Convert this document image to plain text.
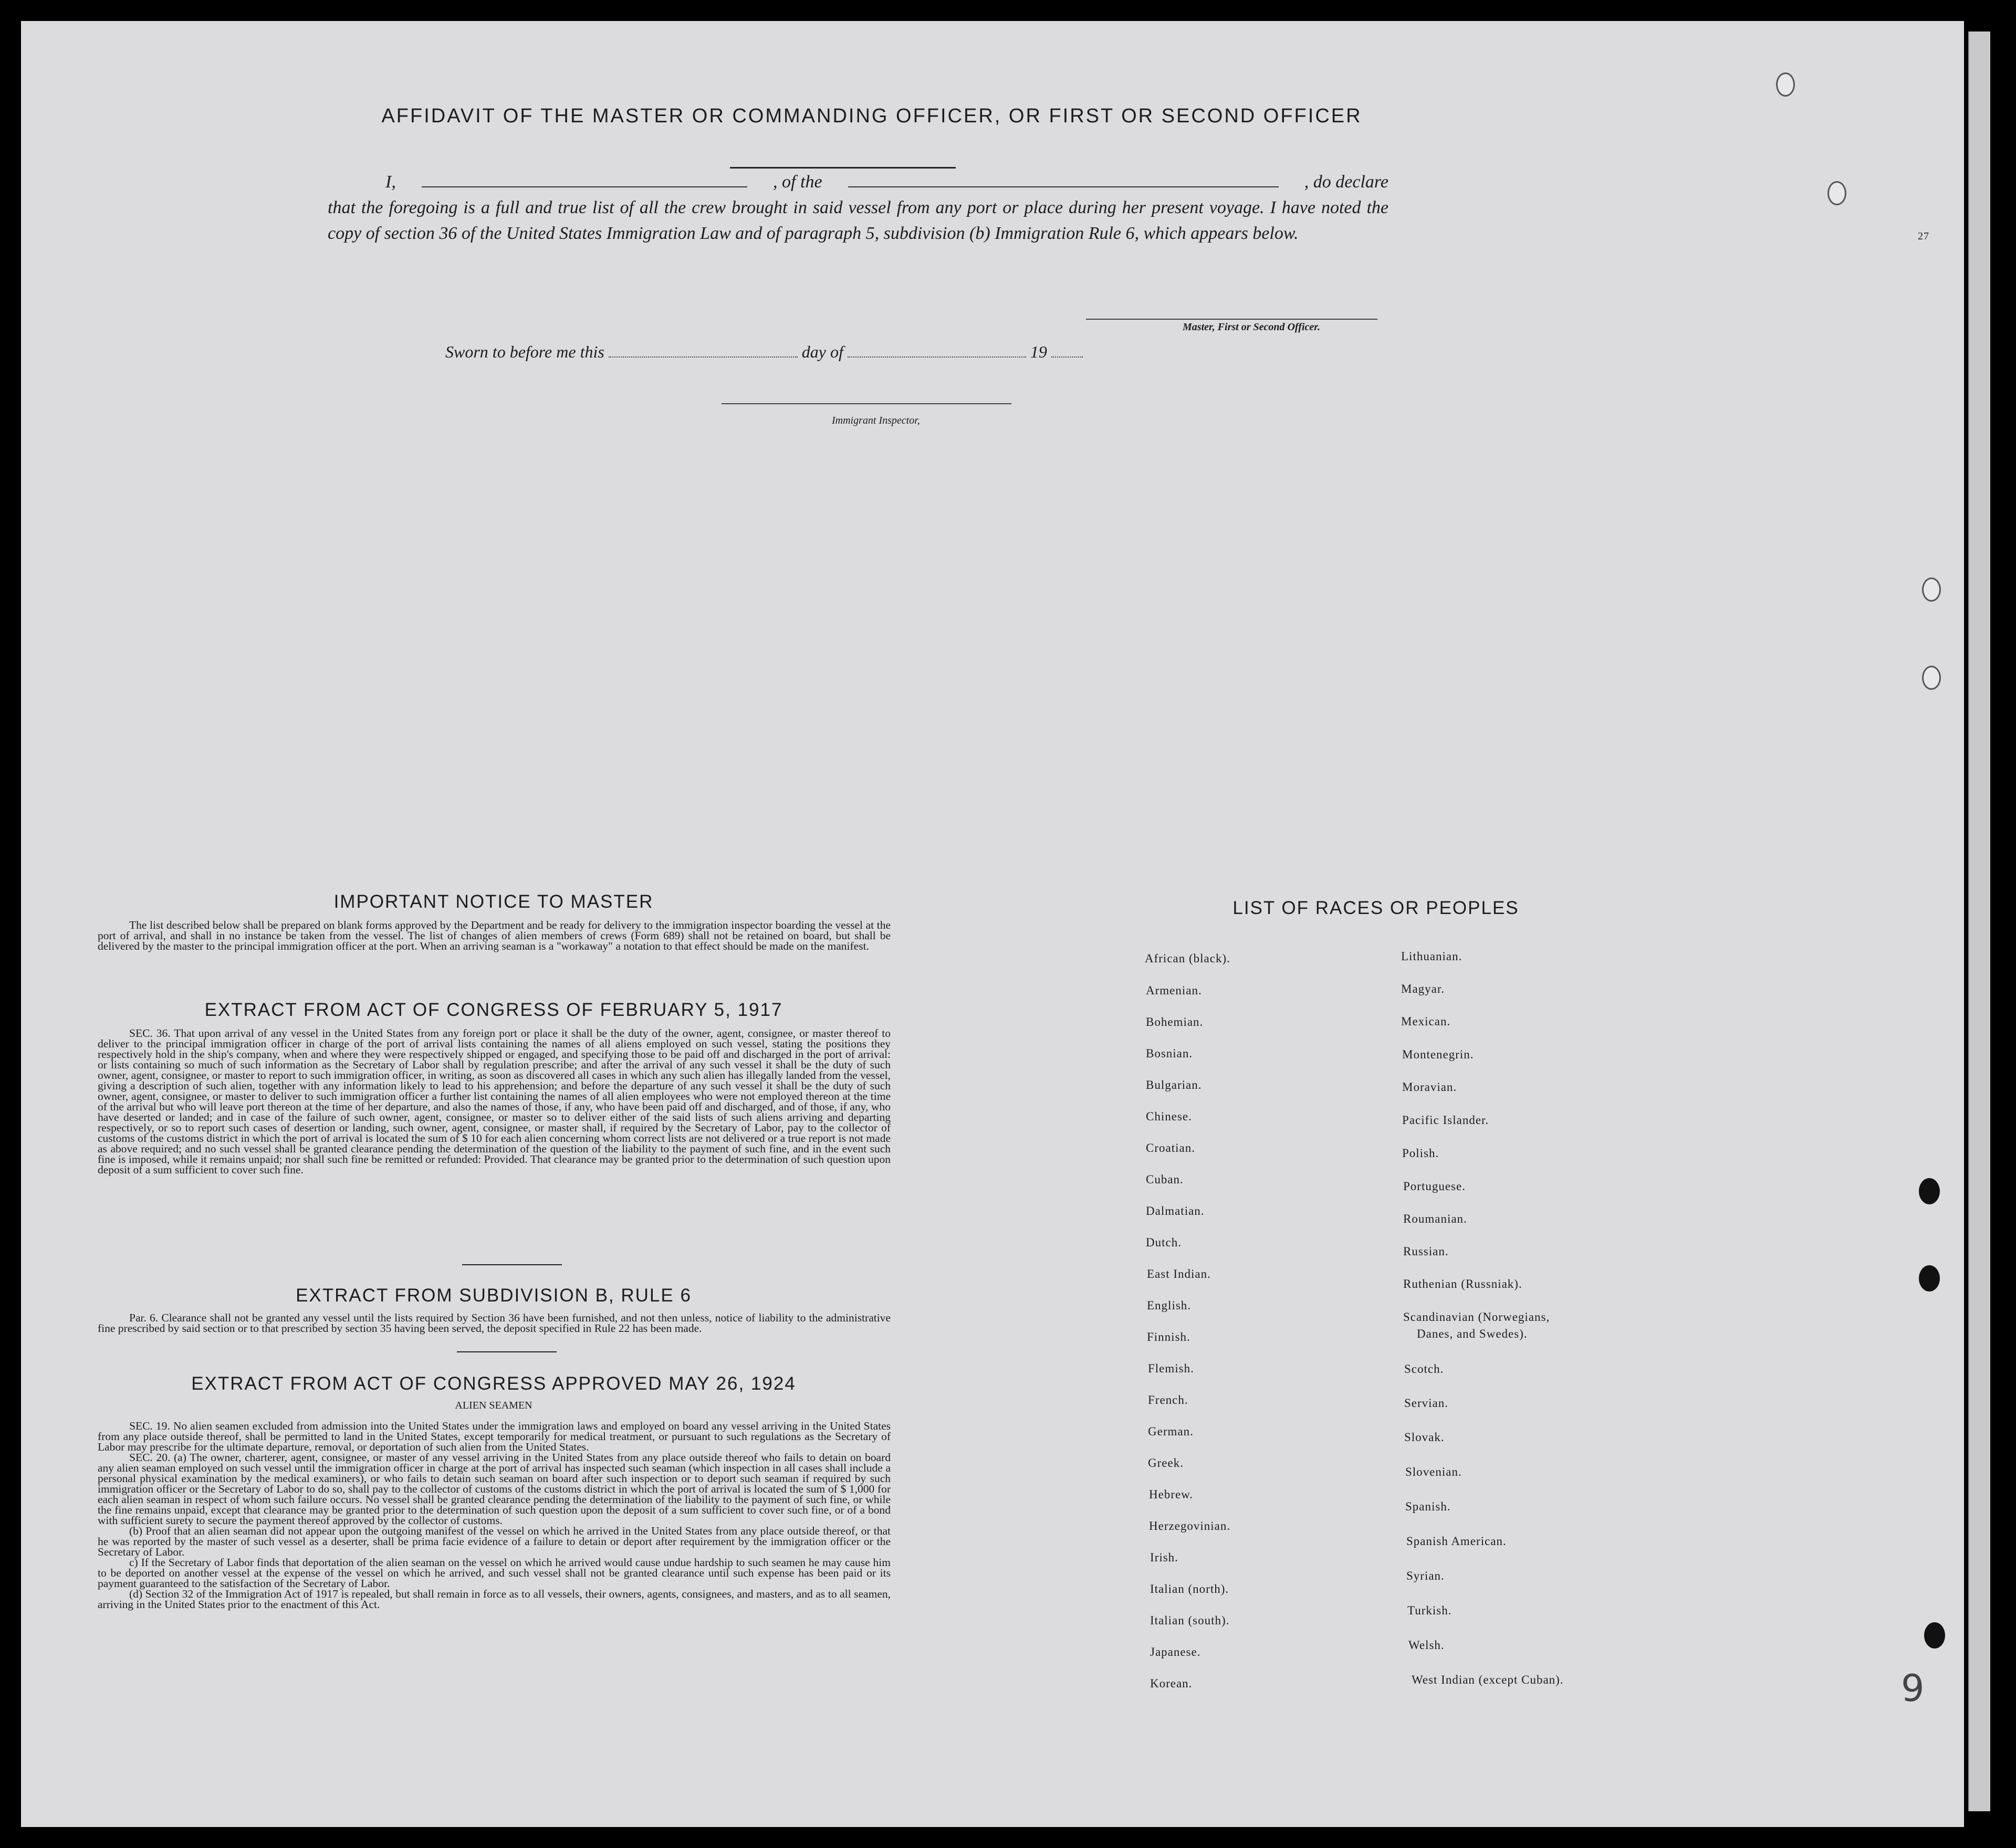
AFFIDAVIT OF THE MASTER OR COMMANDING OFFICER, OR FIRST OR SECOND OFFICER
I,	, of the	, do declare
that the foregoing is a full and true list of all the crew brought in said vessel from any port or place during her present voyage. I have noted the copy of section 36 of the United States Immigration Law and of paragraph 5, subdivision (b) Immigration Rule 6, which appears below.
Master, First or Second Officer.
Sworn to before me this	day of	19
Immigrant Inspector,
IMPORTANT NOTICE TO MASTER
The list described below shall be prepared on blank forms approved by the Department and be ready for delivery to the immigration inspector boarding the vessel at the port of arrival, and shall in no instance be taken from the vessel. The list of changes of alien members of crews (Form 689) shall not be retained on board, but shall be delivered by the master to the principal immigration officer at the port. When an arriving seaman is a "workaway" a notation to that effect should be made on the manifest.
EXTRACT FROM ACT OF CONGRESS OF FEBRUARY 5, 1917
SEC. 36. That upon arrival of any vessel in the United States from any foreign port or place it shall be the duty of the owner, agent, consignee, or master thereof to deliver to the principal immigration officer in charge of the port of arrival lists containing the names of all aliens employed on such vessel, stating the positions they respectively hold in the ship's company, when and where they were respectively shipped or engaged, and specifying those to be paid off and discharged in the port of arrival: or lists containing so much of such information as the Secretary of Labor shall by regulation prescribe; and after the arrival of any such vessel it shall be the duty of such owner, agent, consignee, or master to report to such immigration officer, in writing, as soon as discovered all cases in which any such alien has illegally landed from the vessel, giving a description of such alien, together with any information likely to lead to his apprehension; and before the departure of any such vessel it shall be the duty of such owner, agent, consignee, or master to deliver to such immigration officer a further list containing the names of all alien employees who were not employed thereon at the time of the arrival but who will leave port thereon at the time of her departure, and also the names of those, if any, who have been paid off and discharged, and of those, if any, who have deserted or landed; and in case of the failure of such owner, agent, consignee, or master so to deliver either of the said lists of such aliens arriving and departing respectively, or so to report such cases of desertion or landing, such owner, agent, consignee, or master shall, if required by the Secretary of Labor, pay to the collector of customs of the customs district in which the port of arrival is located the sum of $ 10 for each alien concerning whom correct lists are not delivered or a true report is not made as above required; and no such vessel shall be granted clearance pending the determination of the question of the liability to the payment of such fine, and in the event such fine is imposed, while it remains unpaid; nor shall such fine be remitted or refunded: Provided. That clearance may be granted prior to the determination of such question upon deposit of a sum sufficient to cover such fine.
EXTRACT FROM SUBDIVISION B, RULE 6
Par. 6. Clearance shall not be granted any vessel until the lists required by Section 36 have been furnished, and not then unless, notice of liability to the administrative fine prescribed by said section or to that prescribed by section 35 having been served, the deposit specified in Rule 22 has been made.
EXTRACT FROM ACT OF CONGRESS APPROVED MAY 26, 1924
ALIEN SEAMEN

SEC. 19. No alien seamen excluded from admission into the United States under the immigration laws and employed on board any vessel arriving in the United States from any place outside thereof, shall be permitted to land in the United States, except temporarily for medical treatment, or pursuant to such regulations as the Secretary of Labor may prescribe for the ultimate departure, removal, or deportation of such alien from the United States.

SEC. 20. (a) The owner, charterer, agent, consignee, or master of any vessel arriving in the United States from any place outside thereof who fails to detain on board any alien seaman employed on such vessel until the immigration officer in charge at the port of arrival has inspected such seaman (which inspection in all cases shall include a personal physical examination by the medical examiners), or who fails to detain such seaman on board after such inspection or to deport such seaman if required by such immigration officer or the Secretary of Labor to do so, shall pay to the collector of customs of the customs district in which the port of arrival is located the sum of $ 1,000 for each alien seaman in respect of whom such failure occurs. No vessel shall be granted clearance pending the determination of the liability to the payment of such fine, or while the fine remains unpaid, except that clearance may be granted prior to the determination of such question upon the deposit of a sum sufficient to cover such fine, or of a bond with sufficient surety to secure the payment thereof approved by the collector of customs.

(b) Proof that an alien seaman did not appear upon the outgoing manifest of the vessel on which he arrived in the United States from any place outside thereof, or that he was reported by the master of such vessel as a deserter, shall be prima facie evidence of a failure to detain or deport after requirement by the immigration officer or the Secretary of Labor.

c) If the Secretary of Labor finds that deportation of the alien seaman on the vessel on which he arrived would cause undue hardship to such seamen he may cause him to be deported on another vessel at the expense of the vessel on which he arrived, and such vessel shall not be granted clearance until such expense has been paid or its payment guaranteed to the satisfaction of the Secretary of Labor.

(d) Section 32 of the Immigration Act of 1917 is repealed, but shall remain in force as to all vessels, their owners, agents, consignees, and masters, and as to all seamen, arriving in the United States prior to the enactment of this Act.

LIST OF RACES OR PEOPLES
African (black).
Armenian.
Bohemian.
Bosnian.
Bulgarian.
Chinese.
Croatian.
Cuban.
Dalmatian.
Dutch.
East Indian.
English.
Finnish.
Flemish.
French.
German.
Greek.
Hebrew.
Herzegovinian.
Irish.
Italian (north).
Italian (south).
Japanese.
Korean.
Lithuanian.
Magyar.
Mexican.
Montenegrin.
Moravian.
Pacific Islander.
Polish.
Portuguese.
Roumanian.
Russian.
Ruthenian (Russniak).
Scandinavian (Norwegians,
Danes, and Swedes).
Scotch.
Servian.
Slovak.
Slovenian.
Spanish.
Spanish American.
Syrian.
Turkish.
Welsh.
West Indian (except Cuban).
27
9
